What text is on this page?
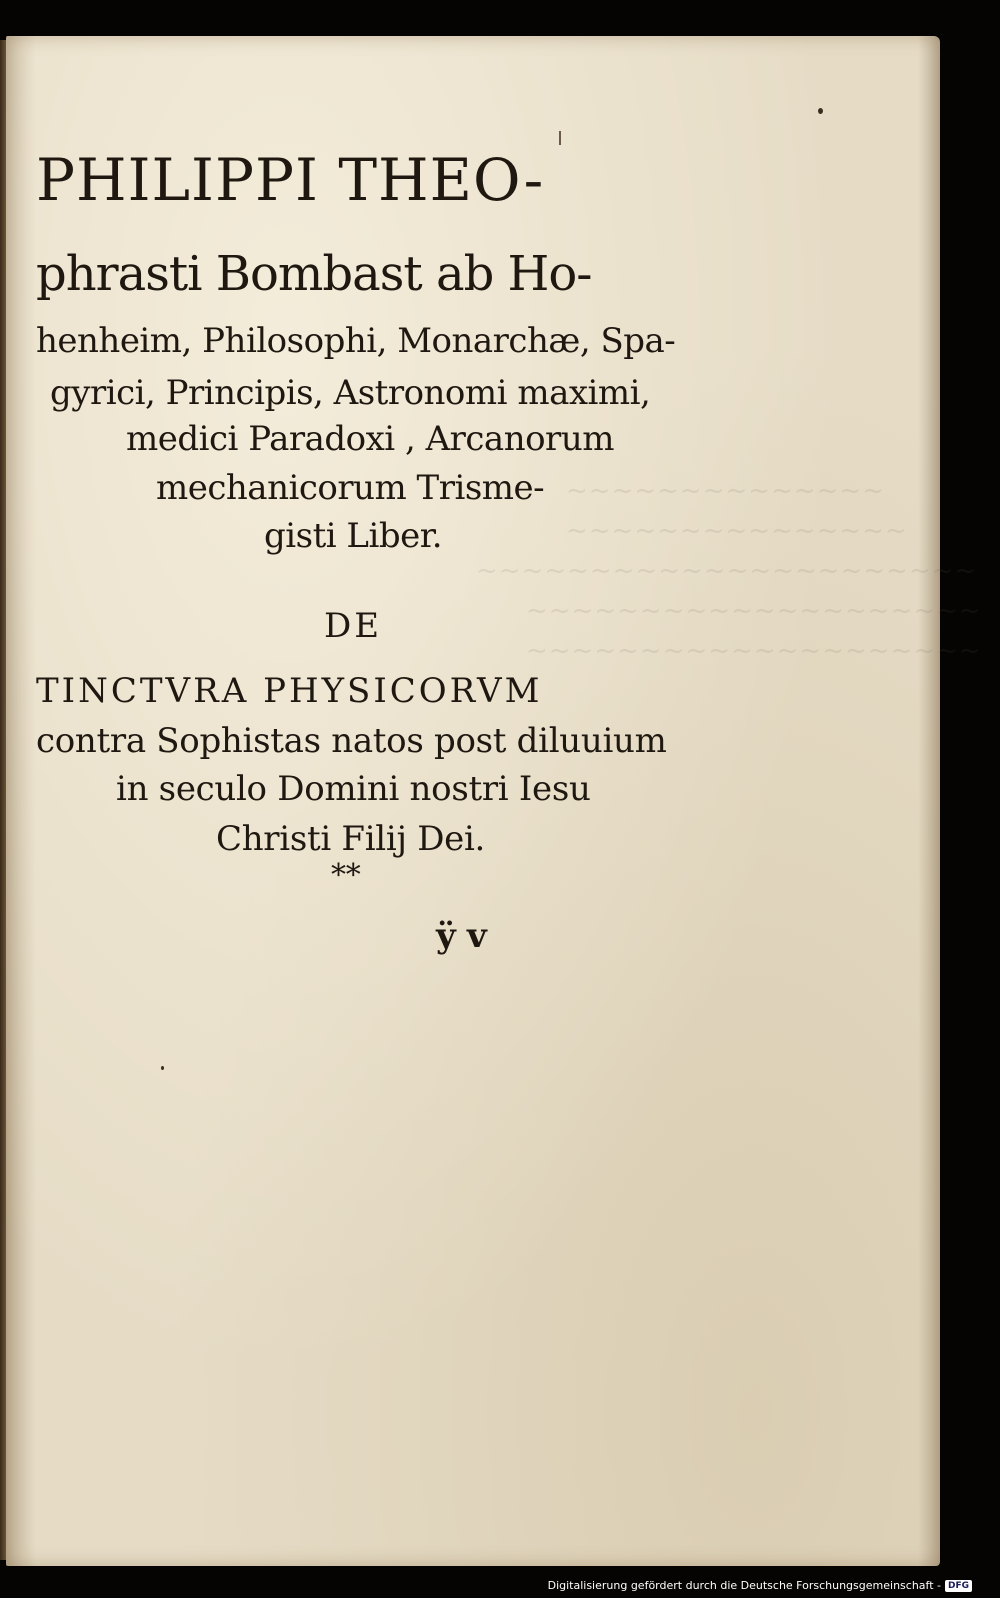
~~~~~~~~~~~~~~
~~~~~~~~~~~~~~~
~~~~~~~~~~~~~~~~~~~~~~
~~~~~~~~~~~~~~~~~~~~
~~~~~~~~~~~~~~~~~~~~
PHILIPPI THEO-
phrasti Bombast ab Ho-
henheim, Philosophi, Monarchæ, Spa-
gyrici, Principis, Astronomi maximi,
medici Paradoxi , Arcanorum
mechanicorum Trisme-
gisti Liber.
DE
TINCTVRA PHYSICORVM
contra Sophistas natos post diluuium
in seculo Domini nostri Iesu
Christi Filij Dei.
**
ÿ v
Digitalisierung gefördert durch die Deutsche Forschungsgemeinschaft - DFG
